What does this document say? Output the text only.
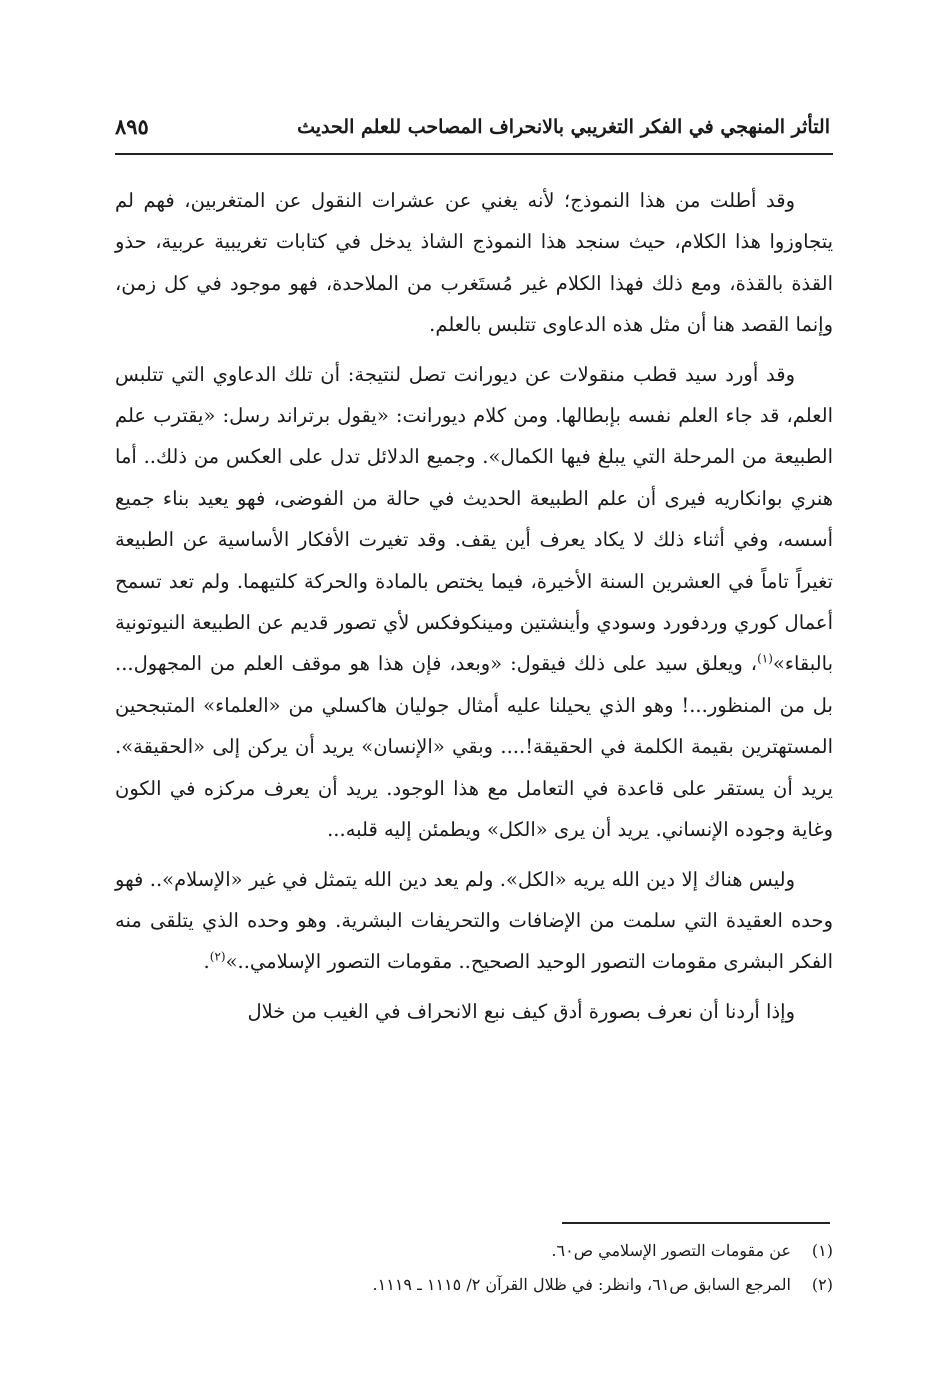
التأثر المنهجي في الفكر التغريبي بالانحراف المصاحب للعلم الحديث
٨٩٥

وقد أطلت من هذا النموذج؛ لأنه يغني عن عشرات النقول عن المتغربين، فهم لم يتجاوزوا هذا الكلام، حيث سنجد هذا النموذج الشاذ يدخل في كتابات تغريبية عربية، حذو القذة بالقذة، ومع ذلك فهذا الكلام غير مُستَغرب من الملاحدة، فهو موجود في كل زمن، وإنما القصد هنا أن مثل هذه الدعاوى تتلبس بالعلم.

وقد أورد سيد قطب منقولات عن ديورانت تصل لنتيجة: أن تلك الدعاوي التي تتلبس العلم، قد جاء العلم نفسه بإبطالها. ومن كلام ديورانت: «يقول برتراند رسل: «يقترب علم الطبيعة من المرحلة التي يبلغ فيها الكمال». وجميع الدلائل تدل على العكس من ذلك.. أما هنري بوانكاريه فيرى أن علم الطبيعة الحديث في حالة من الفوضى، فهو يعيد بناء جميع أسسه، وفي أثناء ذلك لا يكاد يعرف أين يقف. وقد تغيرت الأفكار الأساسية عن الطبيعة تغيراً تاماً في العشرين السنة الأخيرة، فيما يختص بالمادة والحركة كلتيهما. ولم تعد تسمح أعمال كوري وردفورد وسودي وأينشتين ومينكوفكس لأي تصور قديم عن الطبيعة النيوتونية بالبقاء»$^{(١)}$، ويعلق سيد على ذلك فيقول: «وبعد، فإن هذا هو موقف العلم من المجهول... بل من المنظور...! وهو الذي يحيلنا عليه أمثال جوليان هاكسلي من «العلماء» المتبجحين المستهترين بقيمة الكلمة في الحقيقة!.... وبقي «الإنسان» يريد أن يركن إلى «الحقيقة». يريد أن يستقر على قاعدة في التعامل مع هذا الوجود. يريد أن يعرف مركزه في الكون وغاية وجوده الإنساني. يريد أن يرى «الكل» ويطمئن إليه قلبه...

وليس هناك إلا دين الله يريه «الكل». ولم يعد دين الله يتمثل في غير «الإسلام».. فهو وحده العقيدة التي سلمت من الإضافات والتحريفات البشرية. وهو وحده الذي يتلقى منه الفكر البشرى مقومات التصور الوحيد الصحيح.. مقومات التصور الإسلامي..»$^{(٢)}$.

وإذا أردنا أن نعرف بصورة أدق كيف نبع الانحراف في الغيب من خلال

(١)
عن مقومات التصور الإسلامي ص٦٠.
(٢)
المرجع السابق ص٦١، وانظر: في ظلال القرآن ٢/ ١١١٥ ـ ١١١٩.
